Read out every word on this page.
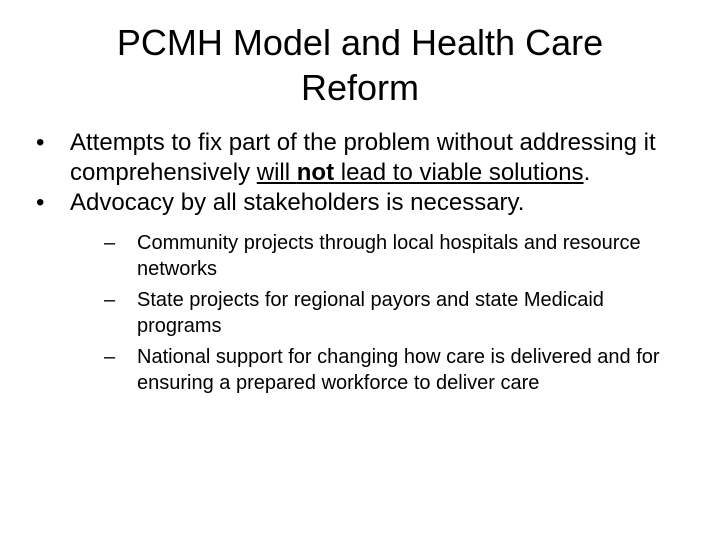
PCMH Model and Health Care Reform
•	Attempts to fix part of the problem without addressing it comprehensively will not lead to viable solutions.
•	Advocacy by all stakeholders is necessary.
– Community projects through local hospitals and resource networks
– State projects for regional payors and state Medicaid programs
– National support for changing how care is delivered and for ensuring a prepared workforce to deliver care
